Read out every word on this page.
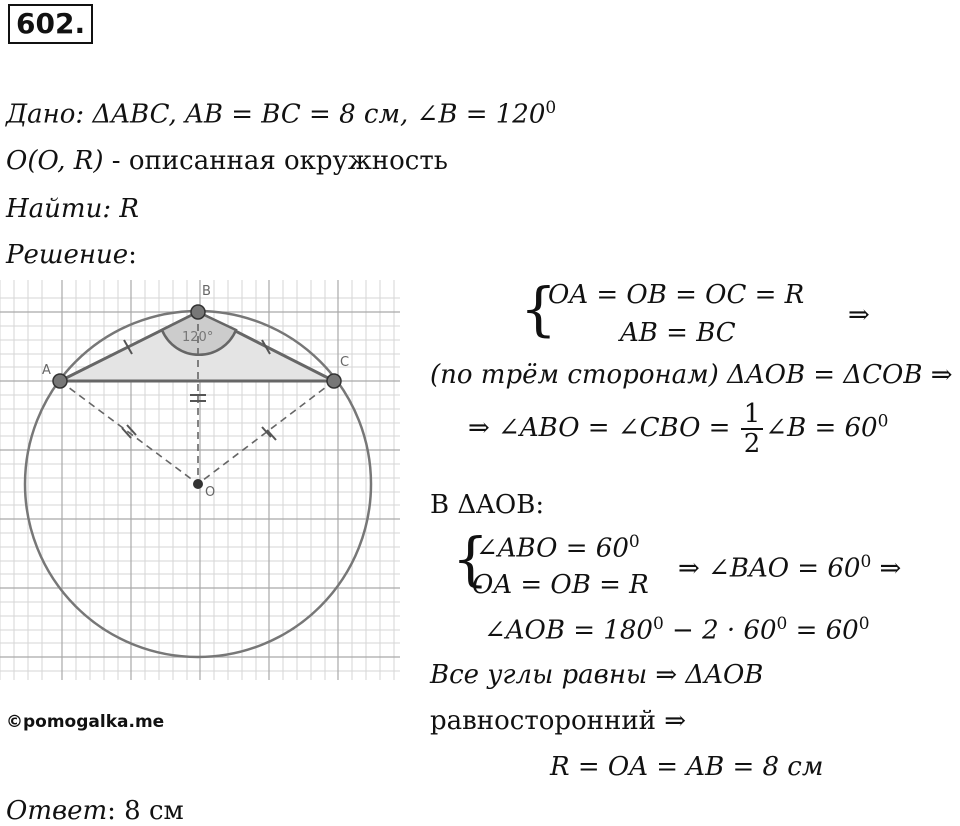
602.
Дано: ΔABC, AB = BC = 8 см, ∠B = $120^0$
O(O, R) - описанная окружность
Найти: R
Решение:
A
B
C
O
120°
©pomogalka.me
{
OA = OB = OC = R
AB = BC
⇒
(по трём сторонам) ΔAOB = ΔCOB ⇒
⇒ ∠ABO = ∠CBO = $\frac{1}{2}$ ∠B = $60^0$
В ΔAOB:
{
∠ABO = $60^0$
OA = OB = R
⇒ ∠BAO = $60^0$ ⇒
∠AOB = $180^0 - 2 \cdot 60^0 = 60^0$
Все углы равны ⇒ ΔAOB
равносторонний ⇒
R = OA = AB = 8 см
Ответ: 8 см
